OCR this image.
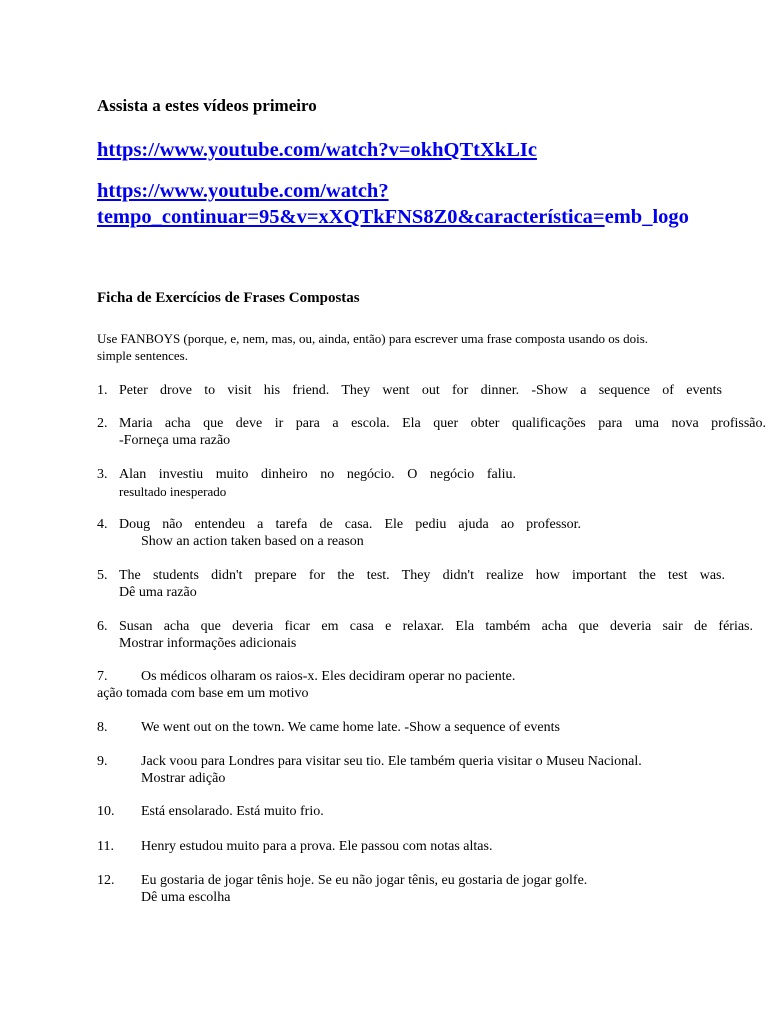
Assista a estes vídeos primeiro
https://www.youtube.com/watch?v=okhQTtXkLIc
https://www.youtube.com/watch?
tempo_continuar=95&v=xXQTkFNS8Z0&característica=emb_logo
Ficha de Exercícios de Frases Compostas
Use FANBOYS (porque, e, nem, mas, ou, ainda, então) para escrever uma frase composta usando os dois.
simple sentences.
1. Peter drove to visit his friend. They went out for dinner. -Show a sequence of events
2. Maria acha que deve ir para a escola. Ela quer obter qualificações para uma nova profissão.
-Forneça uma razão
3. Alan investiu muito dinheiro no negócio. O negócio faliu.
resultado inesperado
4. Doug não entendeu a tarefa de casa. Ele pediu ajuda ao professor.
Show an action taken based on a reason
5. The students didn't prepare for the test. They didn't realize how important the test was.
Dê uma razão
6. Susan acha que deveria ficar em casa e relaxar. Ela também acha que deveria sair de férias.
Mostrar informações adicionais
7. Os médicos olharam os raios-x. Eles decidiram operar no paciente.
ação tomada com base em um motivo
8. We went out on the town. We came home late. -Show a sequence of events
9. Jack voou para Londres para visitar seu tio. Ele também queria visitar o Museu Nacional.
Mostrar adição
10. Está ensolarado. Está muito frio.
11. Henry estudou muito para a prova. Ele passou com notas altas.
12. Eu gostaria de jogar tênis hoje. Se eu não jogar tênis, eu gostaria de jogar golfe.
Dê uma escolha
